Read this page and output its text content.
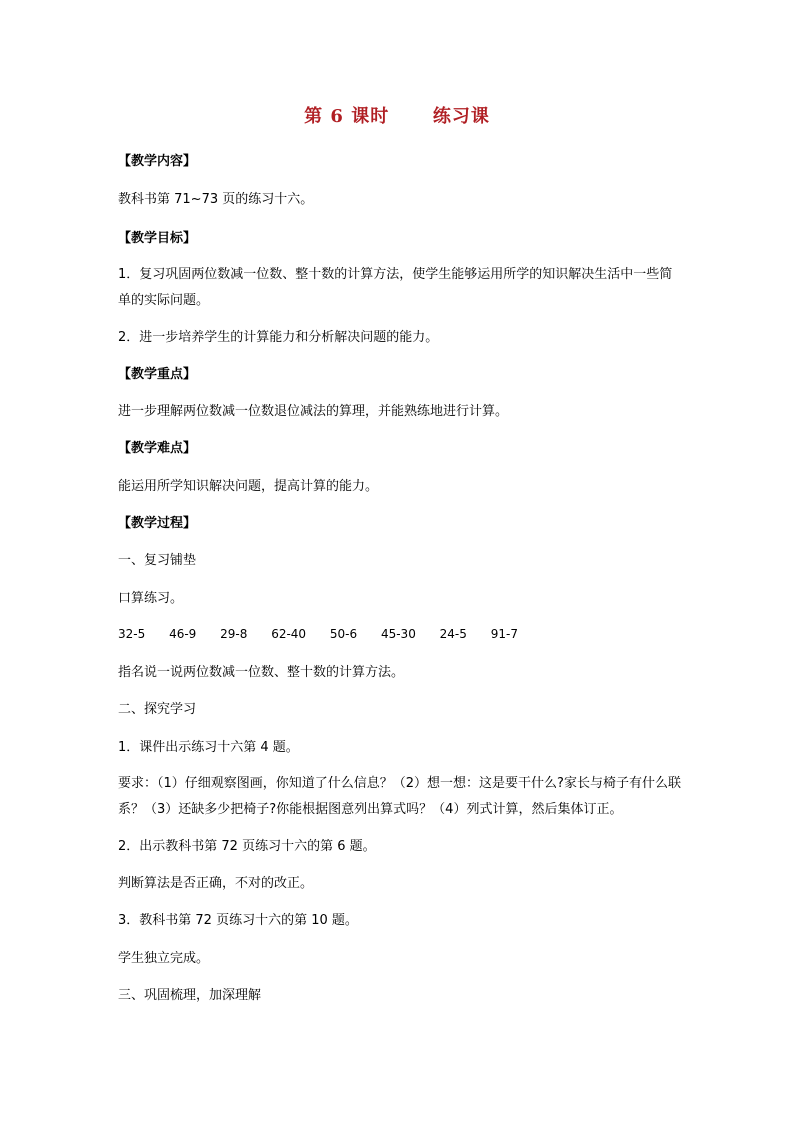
第 6 课时      练习课
【教学内容】
教科书第 71~73 页的练习十六。
【教学目标】
1．复习巩固两位数减一位数、整十数的计算方法，使学生能够运用所学的知识解决生活中一些简单的实际问题。
2．进一步培养学生的计算能力和分析解决问题的能力。
【教学重点】
进一步理解两位数减一位数退位减法的算理，并能熟练地进行计算。
【教学难点】
能运用所学知识解决问题，提高计算的能力。
【教学过程】
一、复习铺垫
口算练习。
32-5 46-9 29-8 62-40 50-6 45-30 24-5 91-7
指名说一说两位数减一位数、整十数的计算方法。
二、探究学习
1．课件出示练习十六第 4 题。
要求：（1）仔细观察图画，你知道了什么信息？（2）想一想：这是要干什么?家长与椅子有什么联系？（3）还缺多少把椅子?你能根据图意列出算式吗？（4）列式计算，然后集体订正。
2．出示教科书第 72 页练习十六的第 6 题。
判断算法是否正确，不对的改正。
3．教科书第 72 页练习十六的第 10 题。
学生独立完成。
三、巩固梳理，加深理解
